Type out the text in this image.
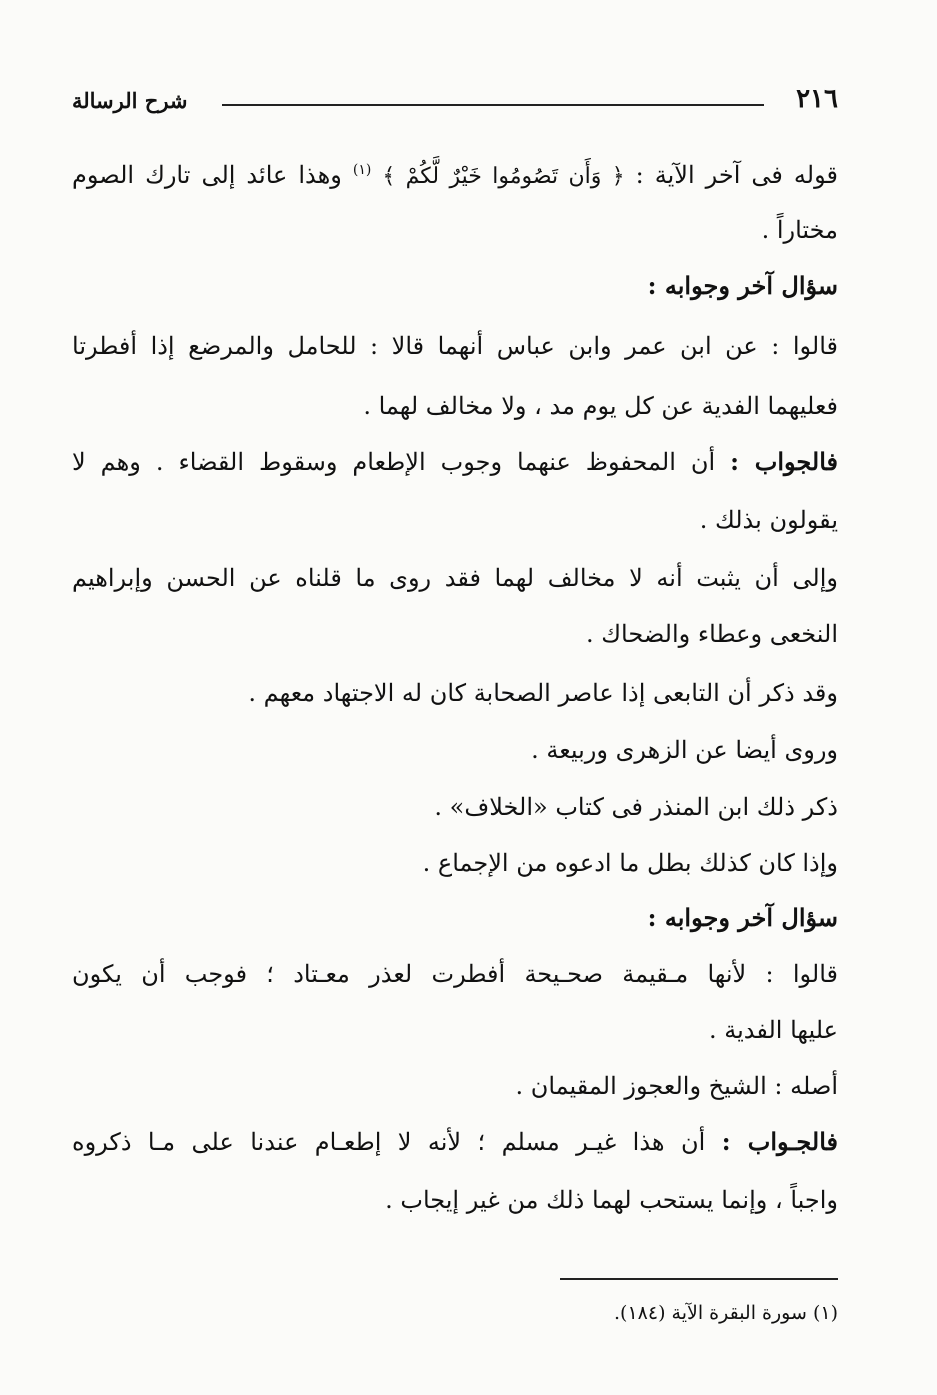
٢١٦
شرح الرسالة
قوله فى آخر الآية : ﴿ وَأَن تَصُومُوا خَيْرٌ لَّكُمْ ﴾ $^{(١)}$ وهذا عائد إلى تارك الصوم
مختاراً .
سؤال آخر وجوابه :
قالوا : عن ابن عمر وابن عباس أنهما قالا : للحامل والمرضع إذا أفطرتا
فعليهما الفدية عن كل يوم مد ، ولا مخالف لهما .
فالجواب : أن المحفوظ عنهما وجوب الإطعام وسقوط القضاء . وهم لا
يقولون بذلك .
وإلى أن يثبت أنه لا مخالف لهما فقد روى ما قلناه عن الحسن وإبراهيم
النخعى وعطاء والضحاك .
وقد ذكر أن التابعى إذا عاصر الصحابة كان له الاجتهاد معهم .
وروى أيضا عن الزهرى وربيعة .
ذكر ذلك ابن المنذر فى كتاب «الخلاف» .
وإذا كان كذلك بطل ما ادعوه من الإجماع .
سؤال آخر وجوابه :
قالوا : لأنها مـقيمة صحـيحة أفطرت لعذر معـتاد ؛ فوجب أن يكون
عليها الفدية .
أصله : الشيخ والعجوز المقيمان .
فالجـواب : أن هذا غيـر مسلم ؛ لأنه لا إطعـام عندنا على مـا ذكروه
واجباً ، وإنما يستحب لهما ذلك من غير إيجاب .
(١) سورة البقرة الآية (١٨٤).
